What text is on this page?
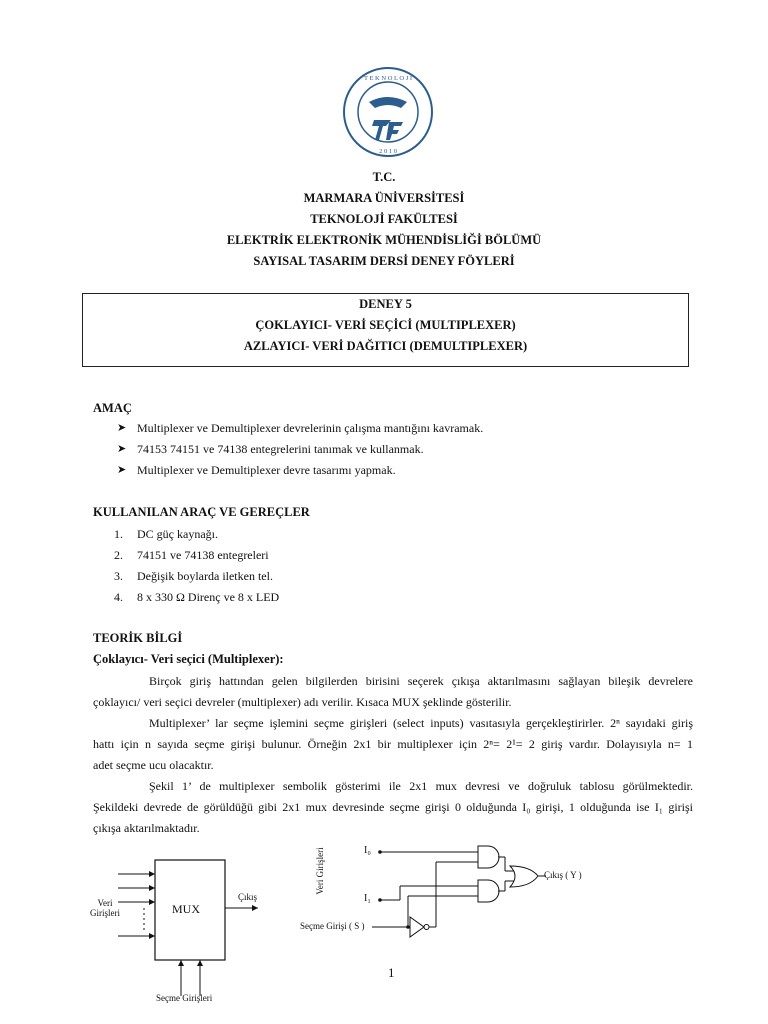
T E K N O L O J İ
2 0 1 0
T.C.
MARMARA ÜNİVERSİTESİ
TEKNOLOJİ FAKÜLTESİ
ELEKTRİK ELEKTRONİK MÜHENDİSLİĞİ BÖLÜMÜ
SAYISAL TASARIM DERSİ DENEY FÖYLERİ
DENEY 5
ÇOKLAYICI- VERİ SEÇİCİ (MULTIPLEXER)
AZLAYICI- VERİ DAĞITICI (DEMULTIPLEXER)
AMAÇ
➤ Multiplexer ve Demultiplexer devrelerinin çalışma mantığını kavramak.
➤ 74153 74151 ve 74138 entegrelerini tanımak ve kullanmak.
➤ Multiplexer ve Demultiplexer devre tasarımı yapmak.
KULLANILAN ARAÇ VE GEREÇLER
1. DC güç kaynağı.
2. 74151 ve 74138 entegreleri
3. Değişik boylarda iletken tel.
4. 8 x 330 Ω Direnç ve 8 x LED
TEORİK BİLGİ
Çoklayıcı- Veri seçici (Multiplexer):

Birçok giriş hattından gelen bilgilerden birisini seçerek çıkışa aktarılmasını sağlayan bileşik devrelere

çoklayıcı/ veri seçici devreler (multiplexer) adı verilir. Kısaca MUX şeklinde gösterilir.

Multiplexer’ lar seçme işlemini seçme girişleri (select inputs) vasıtasıyla gerçekleştirirler. 2ⁿ sayıdaki giriş

hattı için n sayıda seçme girişi bulunur. Örneğin 2x1 bir multiplexer için 2ⁿ= 2¹= 2 giriş vardır. Dolayısıyla n= 1

adet seçme ucu olacaktır.

Şekil 1’ de multiplexer sembolik gösterimi ile 2x1 mux devresi ve doğruluk tablosu görülmektedir.

Şekildeki devrede de görüldüğü gibi 2x1 mux devresinde seçme girişi 0 olduğunda I₀ girişi, 1 olduğunda ise I₁ girişi

çıkışa aktarılmaktadır.

MUX
Veri
Girişleri
Çıkış
Seçme Girişleri
I₀
I₁
Veri Girişleri
Seçme Girişi ( S )
Çıkış ( Y )
1
